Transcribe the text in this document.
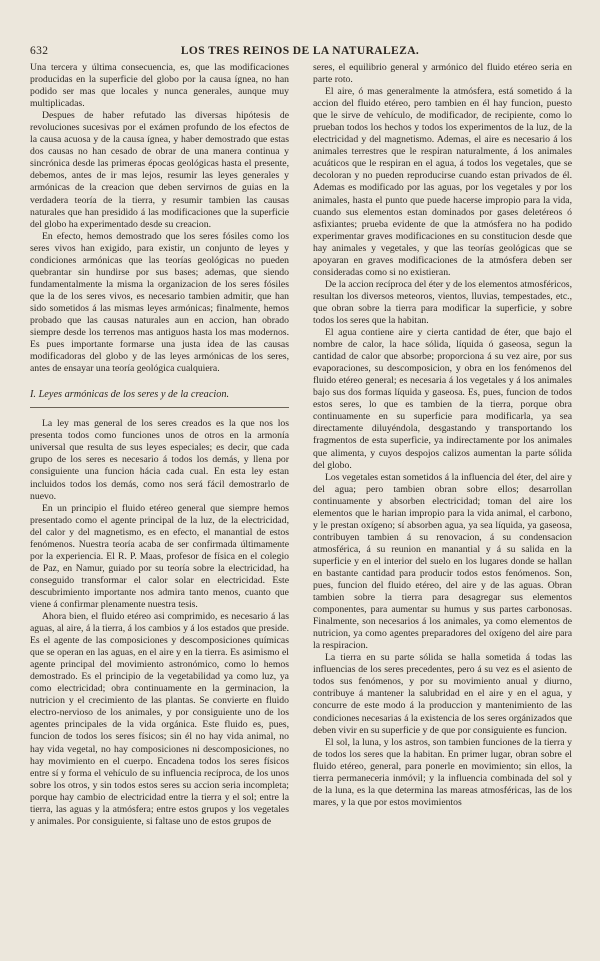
632	LOS TRES REINOS DE LA NATURALEZA.

Una tercera y última consecuencia, es, que las modificaciones producidas en la superficie del globo por la causa ígnea, no han podido ser mas que locales y nunca generales, aunque muy multiplicadas.

Despues de haber refutado las diversas hipótesis de revoluciones sucesivas por el exámen profundo de los efectos de la causa acuosa y de la causa ígnea, y haber demostrado que estas dos causas no han cesado de obrar de una manera continua y sincrónica desde las primeras épocas geológicas hasta el presente, debemos, antes de ir mas lejos, resumir las leyes generales y armónicas de la creacion que deben servirnos de guias en la verdadera teoría de la tierra, y resumir tambien las causas naturales que han presidido á las modificaciones que la superficie del globo ha experimentado desde su creacion.

En efecto, hemos demostrado que los seres fósiles como los seres vivos han exigido, para existir, un conjunto de leyes y condiciones armónicas que las teorías geológicas no pueden quebrantar sin hundirse por sus bases; ademas, que siendo fundamentalmente la misma la organizacion de los seres fósiles que la de los seres vivos, es necesario tambien admitir, que han sido sometidos á las mismas leyes armónicas; finalmente, hemos probado que las causas naturales aun en accion, han obrado siempre desde los terrenos mas antiguos hasta los mas modernos. Es pues importante formarse una justa idea de las causas modificadoras del globo y de las leyes armónicas de los seres, antes de ensayar una teoría geológica cualquiera.

I. Leyes armónicas de los seres y de la creacion.

La ley mas general de los seres creados es la que nos los presenta todos como funciones unos de otros en la armonía universal que resulta de sus leyes especiales; es decir, que cada grupo de los seres es necesario á todos los demás, y llena por consiguiente una funcion hácia cada cual. En esta ley estan incluidos todos los demás, como nos será fácil demostrarlo de nuevo.

En un principio el fluido etéreo general que siempre hemos presentado como el agente principal de la luz, de la electricidad, del calor y del magnetismo, es en efecto, el manantial de estos fenómenos. Nuestra teoría acaba de ser confirmada últimamente por la experiencia. El R. P. Maas, profesor de física en el colegio de Paz, en Namur, guiado por su teoría sobre la electricidad, ha conseguido transformar el calor solar en electricidad. Este descubrimiento importante nos admira tanto menos, cuanto que viene á confirmar plenamente nuestra tesis.

Ahora bien, el fluido etéreo asi comprimido, es necesario á las aguas, al aire, á la tierra, á los cambios y á los estados que preside. Es el agente de las composiciones y descomposiciones químicas que se operan en las aguas, en el aire y en la tierra. Es asimismo el agente principal del movimiento astronómico, como lo hemos demostrado. Es el principio de la vegetabilidad ya como luz, ya como electricidad; obra continuamente en la germinacion, la nutricion y el crecimiento de las plantas. Se convierte en fluido electro-nervioso de los animales, y por consiguiente uno de los agentes principales de la vida orgánica. Este fluido es, pues, funcion de todos los seres físicos; sin él no hay vida animal, no hay vida vegetal, no hay composiciones ni descomposiciones, no hay movimiento en el cuerpo. Encadena todos los seres físicos entre sí y forma el vehículo de su influencia recíproca, de los unos sobre los otros, y sin todos estos seres su accion seria incompleta; porque hay cambio de electricidad entre la tierra y el sol; entre la tierra, las aguas y la atmósfera; entre estos grupos y los vegetales y animales. Por consiguiente, si faltase uno de estos grupos de

seres, el equilibrio general y armónico del fluido etéreo seria en parte roto.

El aire, ó mas generalmente la atmósfera, está sometido á la accion del fluido etéreo, pero tambien en él hay funcion, puesto que le sirve de vehículo, de modificador, de recipiente, como lo prueban todos los hechos y todos los experimentos de la luz, de la electricidad y del magnetismo. Ademas, el aire es necesario á los animales terrestres que le respiran naturalmente, á los animales acuáticos que le respiran en el agua, á todos los vegetales, que se decoloran y no pueden reproducirse cuando estan privados de él. Ademas es modificado por las aguas, por los vegetales y por los animales, hasta el punto que puede hacerse impropio para la vida, cuando sus elementos estan dominados por gases deletéreos ó asfixiantes; prueba evidente de que la atmósfera no ha podido experimentar graves modificaciones en su constitucion desde que hay animales y vegetales, y que las teorías geológicas que se apoyaran en graves modificaciones de la atmósfera deben ser consideradas como si no existieran.

De la accion recíproca del éter y de los elementos atmosféricos, resultan los diversos meteoros, vientos, lluvias, tempestades, etc., que obran sobre la tierra para modificar la superficie, y sobre todos los seres que la habitan.

El agua contiene aire y cierta cantidad de éter, que bajo el nombre de calor, la hace sólida, líquida ó gaseosa, segun la cantidad de calor que absorbe; proporciona á su vez aire, por sus evaporaciones, su descomposicion, y obra en los fenómenos del fluido etéreo general; es necesaria á los vegetales y á los animales bajo sus dos formas líquida y gaseosa. Es, pues, funcion de todos estos seres, lo que es tambien de la tierra, porque obra continuamente en su superficie para modificarla, ya sea directamente diluyéndola, desgastando y transportando los fragmentos de esta superficie, ya indirectamente por los animales que alimenta, y cuyos despojos calizos aumentan la parte sólida del globo.

Los vegetales estan sometidos á la influencia del éter, del aire y del agua; pero tambien obran sobre ellos; desarrollan continuamente y absorben electricidad; toman del aire los elementos que le harian impropio para la vida animal, el carbono, y le prestan oxígeno; sí absorben agua, ya sea líquida, ya gaseosa, contribuyen tambien á su renovacion, á su condensacion atmosférica, á su reunion en manantial y á su salida en la superficie y en el interior del suelo en los lugares donde se hallan en bastante cantidad para producir todos estos fenómenos. Son, pues, funcion del fluido etéreo, del aire y de las aguas. Obran tambien sobre la tierra para desagregar sus elementos componentes, para aumentar su humus y sus partes carbonosas. Finalmente, son necesarios á los animales, ya como elementos de nutricion, ya como agentes preparadores del oxígeno del aire para la respiracion.

La tierra en su parte sólida se halla sometida á todas las influencias de los seres precedentes, pero á su vez es el asiento de todos sus fenómenos, y por su movimiento anual y diurno, contribuye á mantener la salubridad en el aire y en el agua, y concurre de este modo á la produccion y mantenimiento de las condiciones necesarias á la existencia de los seres orgánizados que deben vivir en su superficie y de que por consiguiente es funcion.

El sol, la luna, y los astros, son tambien funciones de la tierra y de todos los seres que la habitan. En primer lugar, obran sobre el fluido etéreo, general, para ponerle en movimiento; sin ellos, la tierra permaneceria inmóvil; y la influencia combinada del sol y de la luna, es la que determina las mareas atmosféricas, las de los mares, y la que por estos movimientos
